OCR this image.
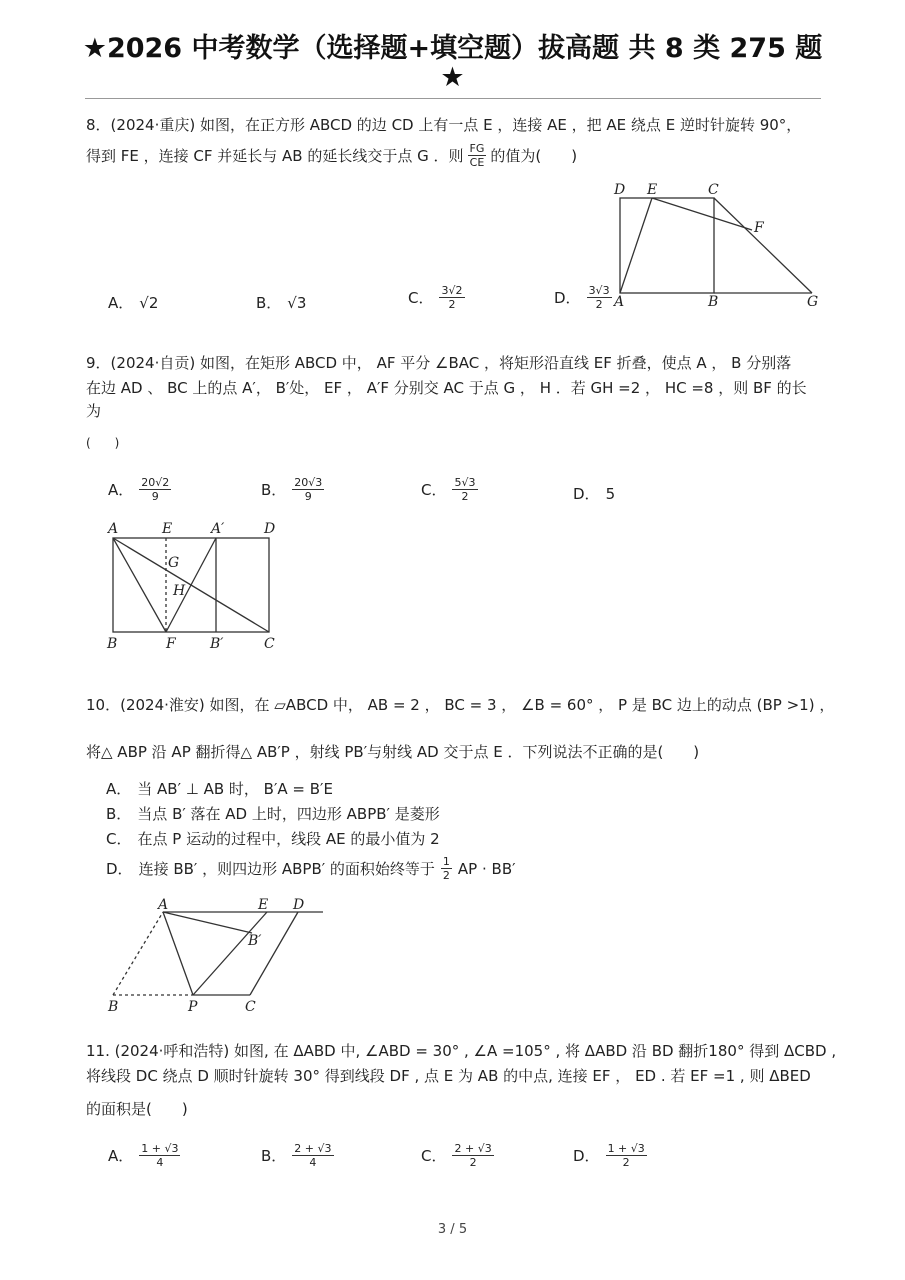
★2026 中考数学（选择题+填空题）拔高题 共 8 类 275 题
★
8．(2024·重庆) 如图，在正方形 ABCD 的边 CD 上有一点 E ，连接 AE ，把 AE 绕点 E 逆时针旋转 90°，
得到 FE ，连接 CF 并延长与 AB 的延长线交于点 G ．则 $\frac{FG}{CE}$ 的值为(　　)
A． √2	B． √3	C． $\frac{3√2}{2}$	D． $\frac{3√3}{2}$
D E	C
F
A	B	G
9．(2024·自贡) 如图，在矩形 ABCD 中， AF 平分 ∠BAC ，将矩形沿直线 EF 折叠，使点 A ， B 分别落
在边 AD 、 BC 上的点 A′， B′处， EF ， A′F 分别交 AC 于点 G ， H ．若 GH =2 ， HC =8 ，则 BF 的长
为
(　　)
A． $\frac{20√2}{9}$	B． $\frac{20√3}{9}$	C． $\frac{5√3}{2}$	D． 5
A	E	A′	D
G
H
B	F B′	C
10．(2024·淮安) 如图，在 ▱ABCD 中， AB = 2 ， BC = 3 ， ∠B = 60° ， P 是 BC 边上的动点 (BP >1) ，
将△ ABP 沿 AP 翻折得△ AB′P ，射线 PB′与射线 AD 交于点 E ．下列说法不正确的是(　　)
A． 当 AB′ ⊥ AB 时， B′A = B′E
B． 当点 B′ 落在 AD 上时，四边形 ABPB′ 是菱形
C． 在点 P 运动的过程中，线段 AE 的最小值为 2
D． 连接 BB′ ，则四边形 ABPB′ 的面积始终等于 $\frac{1}{2}$ AP · BB′
A	E D
B′
B	P	C
11. (2024·呼和浩特) 如图, 在 ΔABD 中, ∠ABD = 30° , ∠A =105° , 将 ΔABD 沿 BD 翻折180° 得到 ΔCBD ,
将线段 DC 绕点 D 顺时针旋转 30° 得到线段 DF , 点 E 为 AB 的中点, 连接 EF ， ED . 若 EF =1 , 则 ΔBED
的面积是(　　)
A． $\frac{1 + √3}{4}$	B． $\frac{2 + √3}{4}$	C． $\frac{2 + √3}{2}$	D． $\frac{1 + √3}{2}$
3 / 5
